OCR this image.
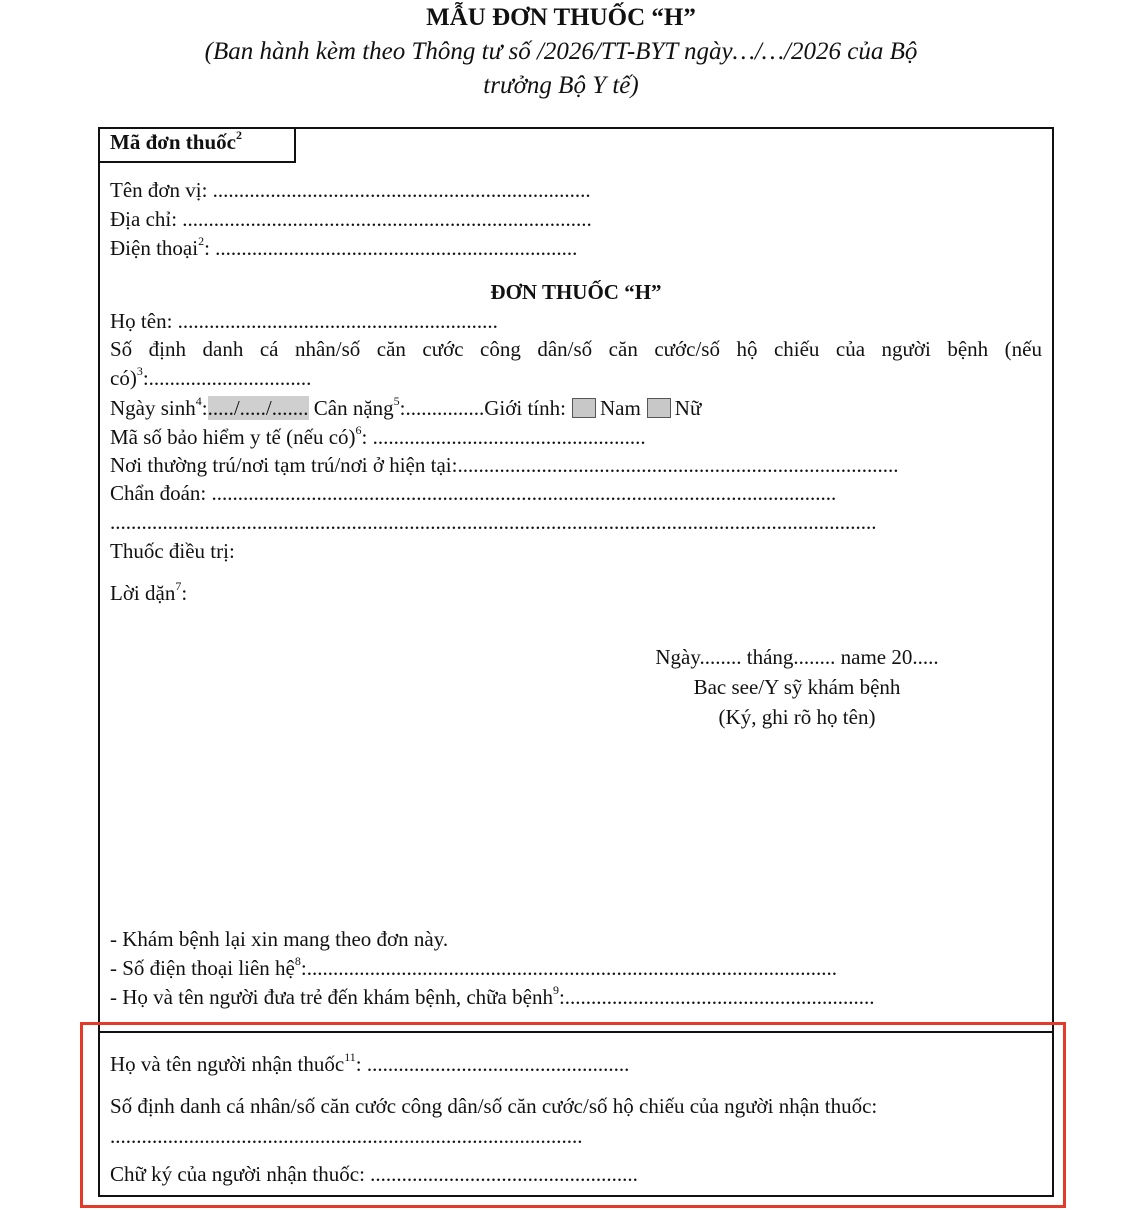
MẪU ĐƠN THUỐC “H”
(Ban hành kèm theo Thông tư số /2026/TT-BYT ngày…/…/2026 của Bộ
trưởng Bộ Y tế)
Mã đơn thuốc$^2$
Tên đơn vị: ........................................................................
Địa chỉ: ..............................................................................
Điện thoại$^2$: .....................................................................
ĐƠN THUỐC “H”
Họ tên: .............................................................
Số định danh cá nhân/số căn cước công dân/số căn cước/số hộ chiếu của người bệnh (nếu
có)$^3$:...............................
Ngày $\sinh^4:...../...../$....... Cân nặng$^5$:...............Giới tính: Nam Nữ
Mã số bảo hiểm y tế (nếu có)$^6$: ....................................................
Nơi thường trú/nơi tạm trú/nơi ở hiện tại:....................................................................................
Chẩn đoán: .......................................................................................................................
..................................................................................................................................................
Thuốc điều trị:
Lời dặn$^7$:
Ngày........ tháng........ name 20.....
Bac see/Y sỹ khám bệnh
(Ký, ghi rõ họ tên)
- Khám bệnh lại xin mang theo đơn này.
- Số điện thoại liên hệ$^8$:.....................................................................................................
- Họ và tên người đưa trẻ đến khám bệnh, chữa bệnh$^9$:...........................................................
Họ và tên người nhận thuốc$^{11}$: ..................................................
Số định danh cá nhân/số căn cước công dân/số căn cước/số hộ chiếu của người nhận thuốc:
..........................................................................................
Chữ ký của người nhận thuốc: ...................................................
